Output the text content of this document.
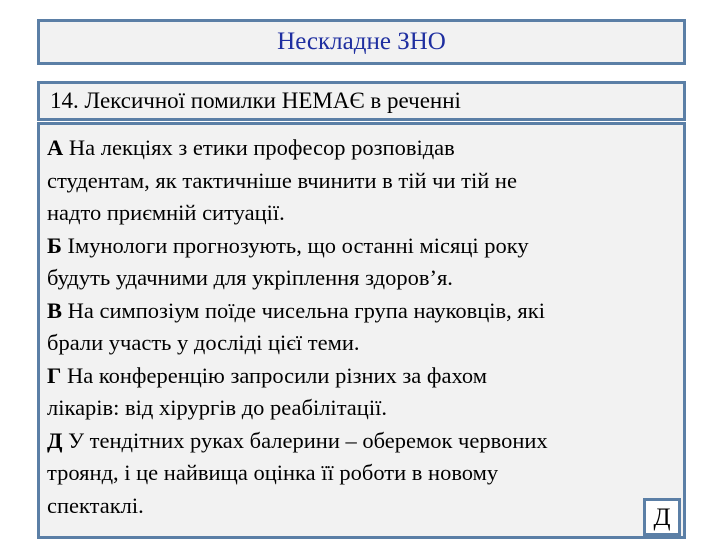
Нескладне ЗНО
14. Лексичної помилки НЕМАЄ в реченні
А На лекціях з етики професор розповідав
студентам, як тактичніше вчинити в тій чи тій не
надто приємній ситуації.
Б Імунологи прогнозують, що останні місяці року
будуть удачними для укріплення здоров’я.
В На симпозіум поїде чисельна група науковців, які
брали участь у досліді цієї теми.
Г На конференцію запросили різних за фахом
лікарів: від хірургів до реабілітації.
Д У тендітних руках балерини – оберемок червоних
троянд, і це найвища оцінка її роботи в новому
спектаклі.	Д
